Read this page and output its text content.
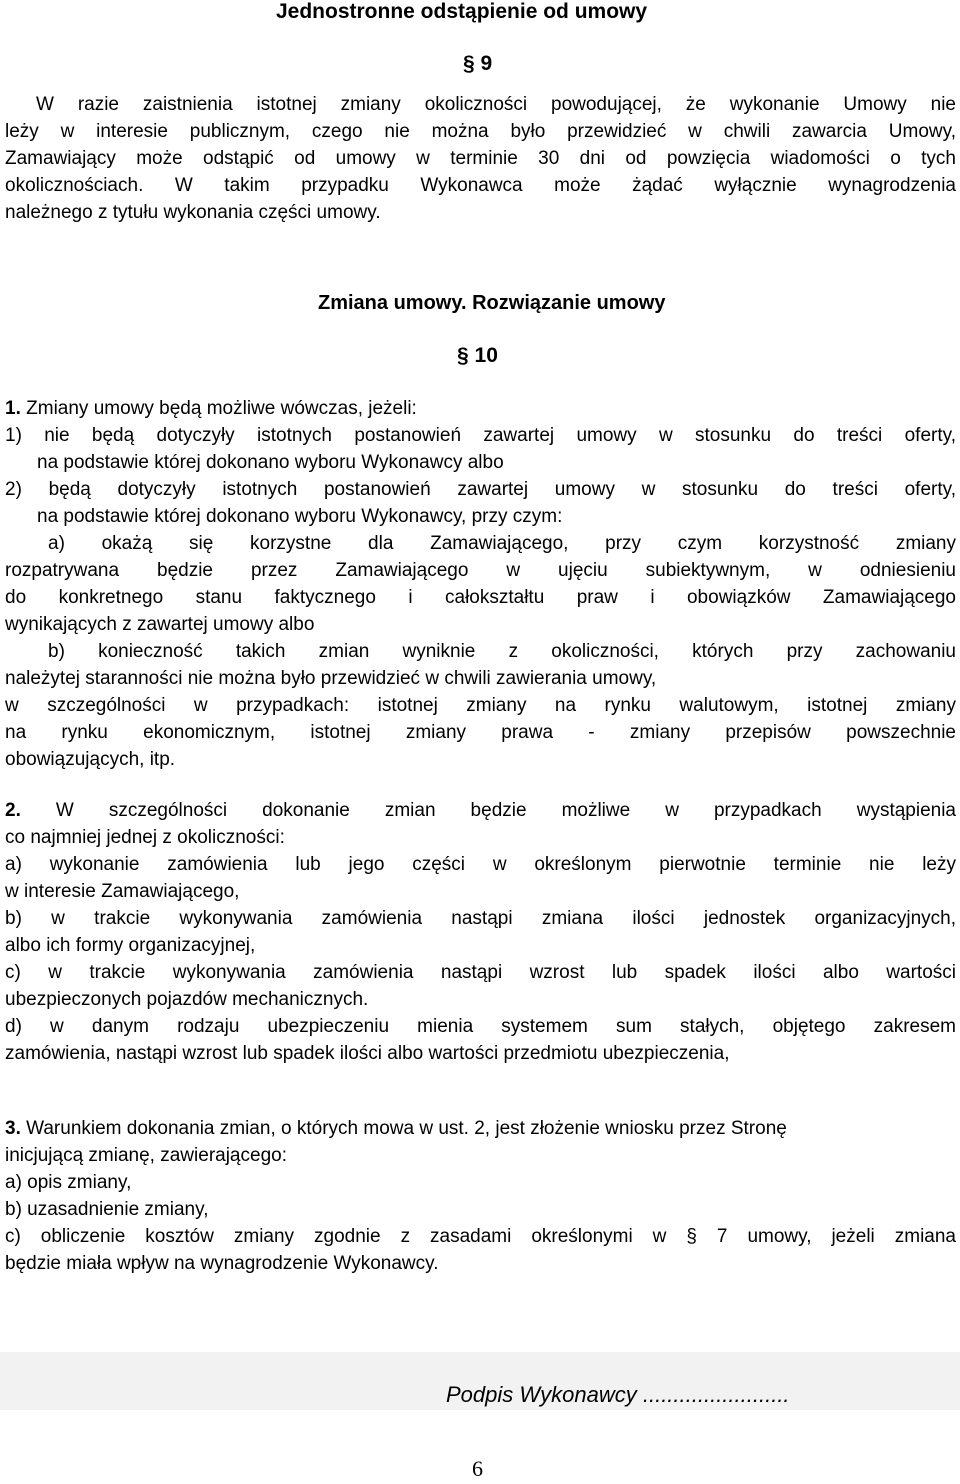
Jednostronne odstąpienie od umowy
§ 9
W razie zaistnienia istotnej zmiany okoliczności powodującej, że wykonanie Umowy nie
leży w interesie publicznym, czego nie można było przewidzieć w chwili zawarcia Umowy,
Zamawiający może odstąpić od umowy w terminie 30 dni od powzięcia wiadomości o tych
okolicznościach. W takim przypadku Wykonawca może żądać wyłącznie wynagrodzenia
należnego z tytułu wykonania części umowy.
Zmiana umowy. Rozwiązanie umowy
§ 10
1. Zmiany umowy będą możliwe wówczas, jeżeli:
1) nie będą dotyczyły istotnych postanowień zawartej umowy w stosunku do treści oferty,
na podstawie której dokonano wyboru Wykonawcy albo
2) będą dotyczyły istotnych postanowień zawartej umowy w stosunku do treści oferty,
na podstawie której dokonano wyboru Wykonawcy, przy czym:
a) okażą się korzystne dla Zamawiającego, przy czym korzystność zmiany
rozpatrywana będzie przez Zamawiającego w ujęciu subiektywnym, w odniesieniu
do konkretnego stanu faktycznego i całokształtu praw i obowiązków Zamawiającego
wynikających z zawartej umowy albo
b) konieczność takich zmian wyniknie z okoliczności, których przy zachowaniu
należytej staranności nie można było przewidzieć w chwili zawierania umowy,
w szczególności w przypadkach: istotnej zmiany na rynku walutowym, istotnej zmiany
na rynku ekonomicznym, istotnej zmiany prawa - zmiany przepisów powszechnie
obowiązujących, itp.
2. W szczególności dokonanie zmian będzie możliwe w przypadkach wystąpienia
co najmniej jednej z okoliczności:
a) wykonanie zamówienia lub jego części w określonym pierwotnie terminie nie leży
w interesie Zamawiającego,
b) w trakcie wykonywania zamówienia nastąpi zmiana ilości jednostek organizacyjnych,
albo ich formy organizacyjnej,
c) w trakcie wykonywania zamówienia nastąpi wzrost lub spadek ilości albo wartości
ubezpieczonych pojazdów mechanicznych.
d) w danym rodzaju ubezpieczeniu mienia systemem sum stałych, objętego zakresem
zamówienia, nastąpi wzrost lub spadek ilości albo wartości przedmiotu ubezpieczenia,
3. Warunkiem dokonania zmian, o których mowa w ust. 2, jest złożenie wniosku przez Stronę
inicjującą zmianę, zawierającego:
a) opis zmiany,
b) uzasadnienie zmiany,
c) obliczenie kosztów zmiany zgodnie z zasadami określonymi w § 7 umowy, jeżeli zmiana
będzie miała wpływ na wynagrodzenie Wykonawcy.
Podpis Wykonawcy ........................
6
